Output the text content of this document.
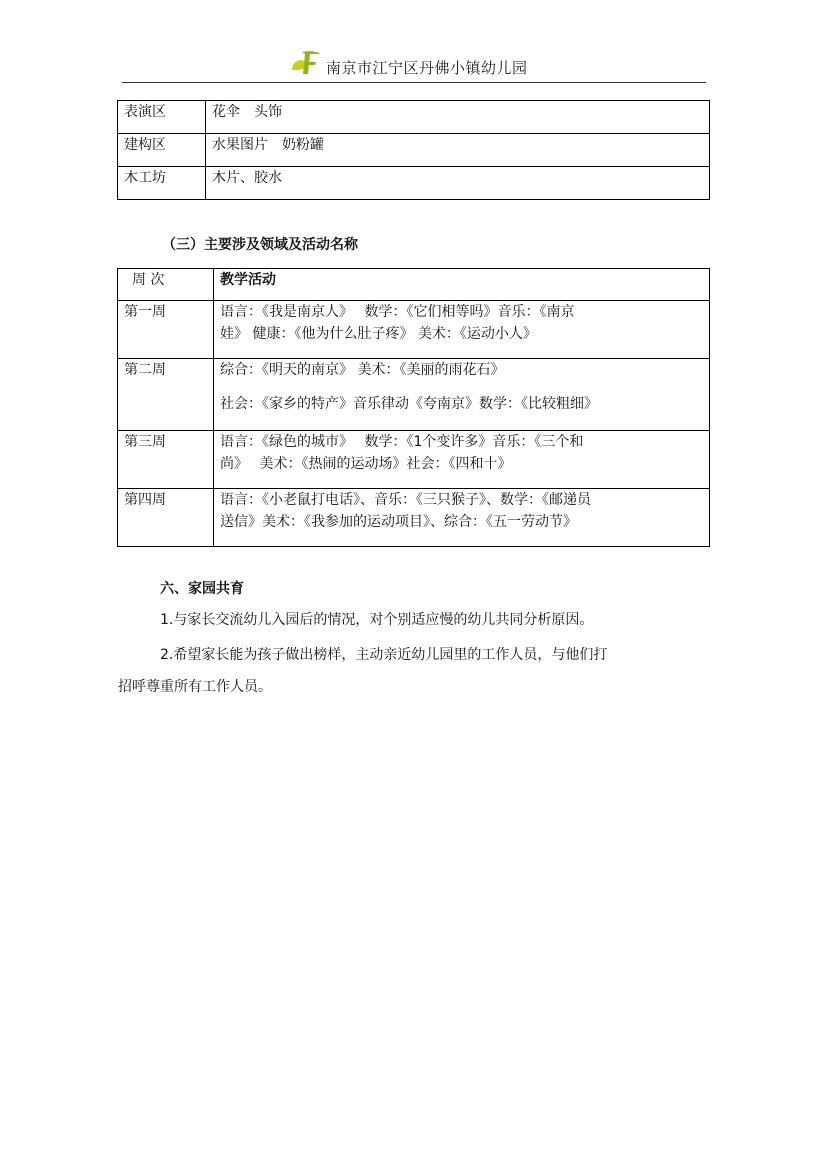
南京市江宁区丹佛小镇幼儿园
表演区	花伞　头饰
建构区	水果图片　奶粉罐
木工坊	木片、胶水
（三）主要涉及领域及活动名称
周 次	教学活动
第一周	语言：《我是南京人》　 数学：《它们相等吗》音乐：《南京
娃》 健康：《他为什么肚子疼》 美术：《运动小人》

第二周	综合：《明天的南京》 美术：《美丽的雨花石》
社会：《家乡的特产》音乐律动《夸南京》数学：《比较粗细》

第三周	语言：《绿色的城市》　 数学：《1个变许多》音乐：《三个和
尚》　 美术：《热闹的运动场》社会：《四和十》

第四周	语言：《小老鼠打电话》、音乐：《三只猴子》、数学：《邮递员
送信》美术：《我参加的运动项目》、综合：《五一劳动节》
六、家园共育
1.与家长交流幼儿入园后的情况，对个别适应慢的幼儿共同分析原因。
2.希望家长能为孩子做出榜样，主动亲近幼儿园里的工作人员，与他们打
招呼尊重所有工作人员。
